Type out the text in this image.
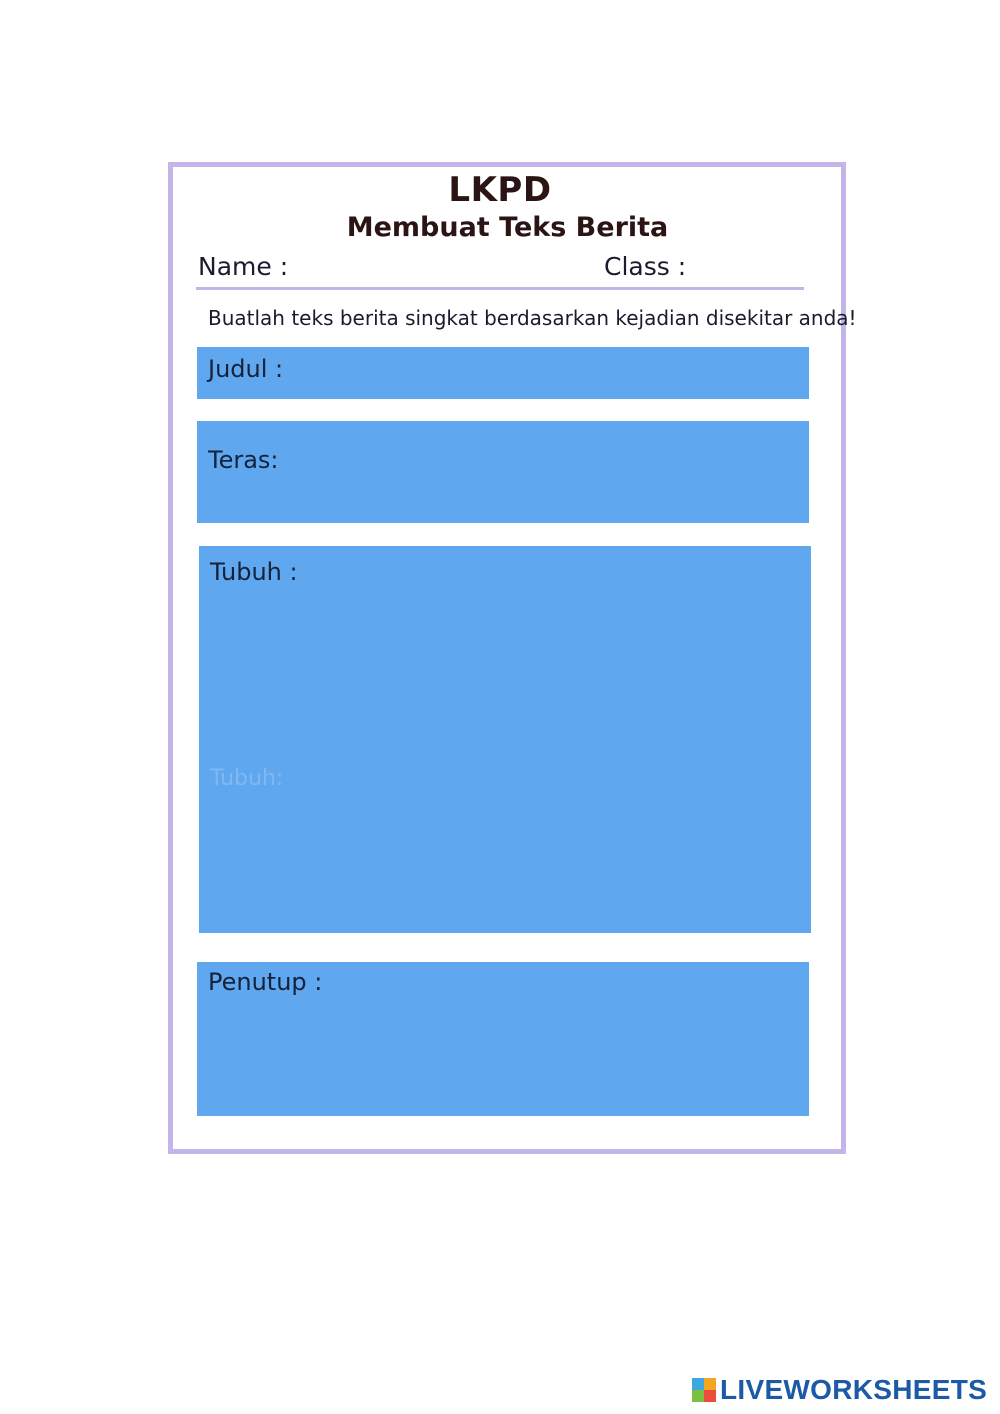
LKPD
Membuat Teks Berita
Name :	Class :
Buatlah teks berita singkat berdasarkan kejadian disekitar anda!
Judul :
Teras:
Tubuh :
Tubuh:
Penutup :
LIVEWORKSHEETS
